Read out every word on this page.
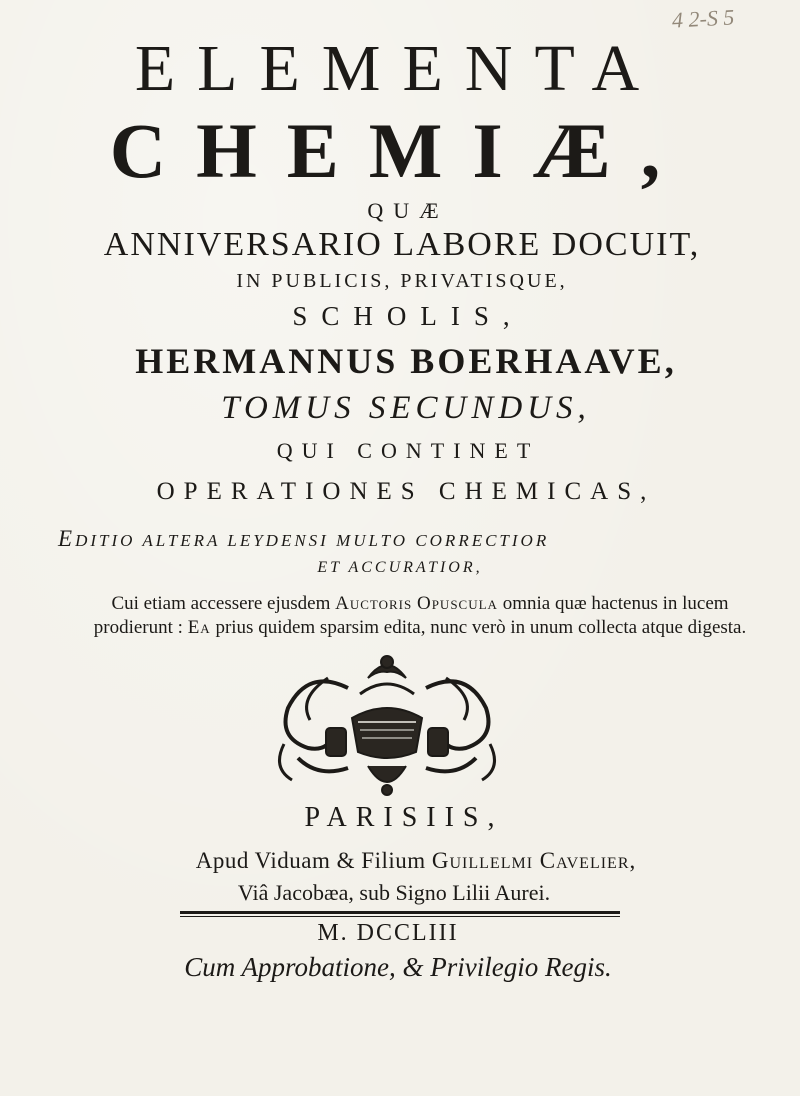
4 2-S 5
ELEMENTA
CHEMIÆ,
QUÆ
ANNIVERSARIO LABORE DOCUIT,
IN PUBLICIS, PRIVATISQUE,
SCHOLIS,
HERMANNUS BOERHAAVE,
TOMUS SECUNDUS,
QUI CONTINET
OPERATIONES CHEMICAS,
EDITIO ALTERA LEYDENSI MULTO CORRECTIOR
ET ACCURATIOR,
Cui etiam accessere ejusdem Auctoris Opuscula omnia quæ hactenus in lucem prodierunt : Ea prius quidem sparsim edita, nunc verò in unum collecta atque digesta.
PARISIIS,
Apud Viduam & Filium Guillelmi Cavelier,
Viâ Jacobæa, sub Signo Lilii Aurei.
M. DCCLIII
Cum Approbatione, & Privilegio Regis.
